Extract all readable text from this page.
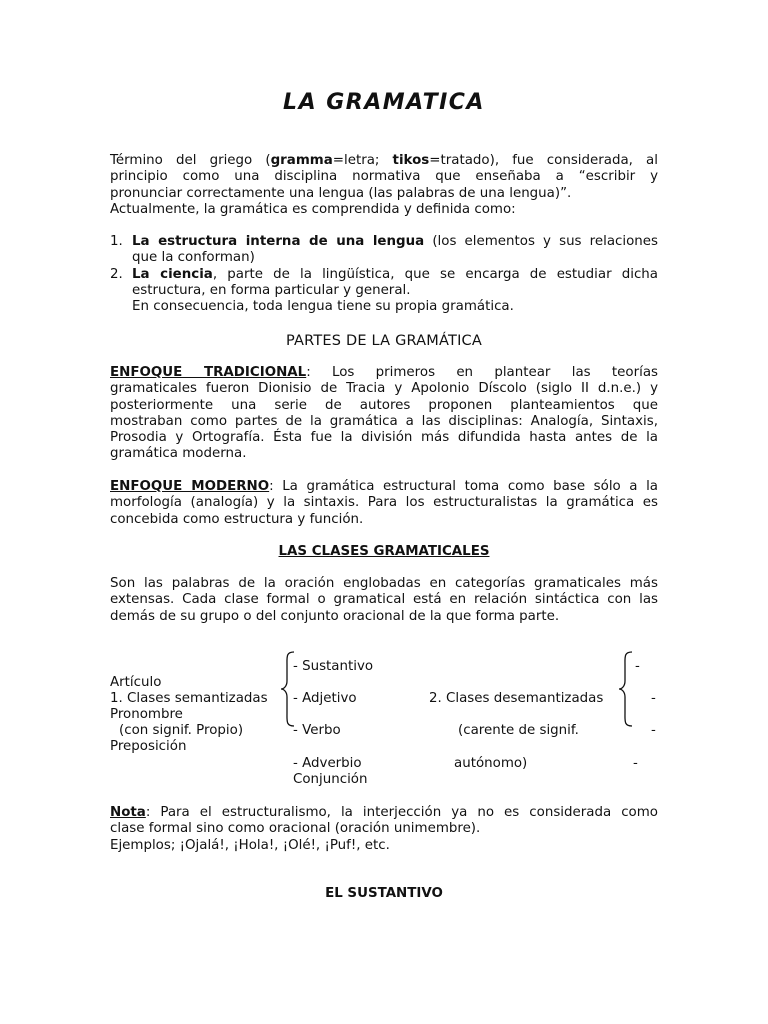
LA GRAMATICA
Término del griego (gramma=letra; tikos=tratado), fue considerada, al
principio como una disciplina normativa que enseñaba a “escribir y
pronunciar correctamente una lengua (las palabras de una lengua)”.
Actualmente, la gramática es comprendida y definida como:
1. La estructura interna de una lengua (los elementos y sus relaciones
que la conforman)
2. La ciencia, parte de la lingüística, que se encarga de estudiar dicha
estructura, en forma particular y general.
En consecuencia, toda lengua tiene su propia gramática.
PARTES DE LA GRAMÁTICA
ENFOQUE TRADICIONAL: Los primeros en plantear las teorías
gramaticales fueron Dionisio de Tracia y Apolonio Díscolo (siglo II d.n.e.) y
posteriormente una serie de autores proponen planteamientos que
mostraban como partes de la gramática a las disciplinas: Analogía, Sintaxis,
Prosodia y Ortografía. Ésta fue la división más difundida hasta antes de la
gramática moderna.
ENFOQUE MODERNO: La gramática estructural toma como base sólo a la
morfología (analogía) y la sintaxis. Para los estructuralistas la gramática es
concebida como estructura y función.
LAS CLASES GRAMATICALES
Son las palabras de la oración englobadas en categorías gramaticales más
extensas. Cada clase formal o gramatical está en relación sintáctica con las
demás de su grupo o del conjunto oracional de la que forma parte.
- Sustantivo	-
Artículo
1. Clases semantizadas - Adjetivo	2. Clases desemantizadas	-
Pronombre
(con signif. Propio)	- Verbo	(carente de signif.	-
Preposición
- Adverbio	autónomo)	-
Conjunción
Nota: Para el estructuralismo, la interjección ya no es considerada como
clase formal sino como oracional (oración unimembre).
Ejemplos; ¡Ojalá!, ¡Hola!, ¡Olé!, ¡Puf!, etc.
EL SUSTANTIVO
